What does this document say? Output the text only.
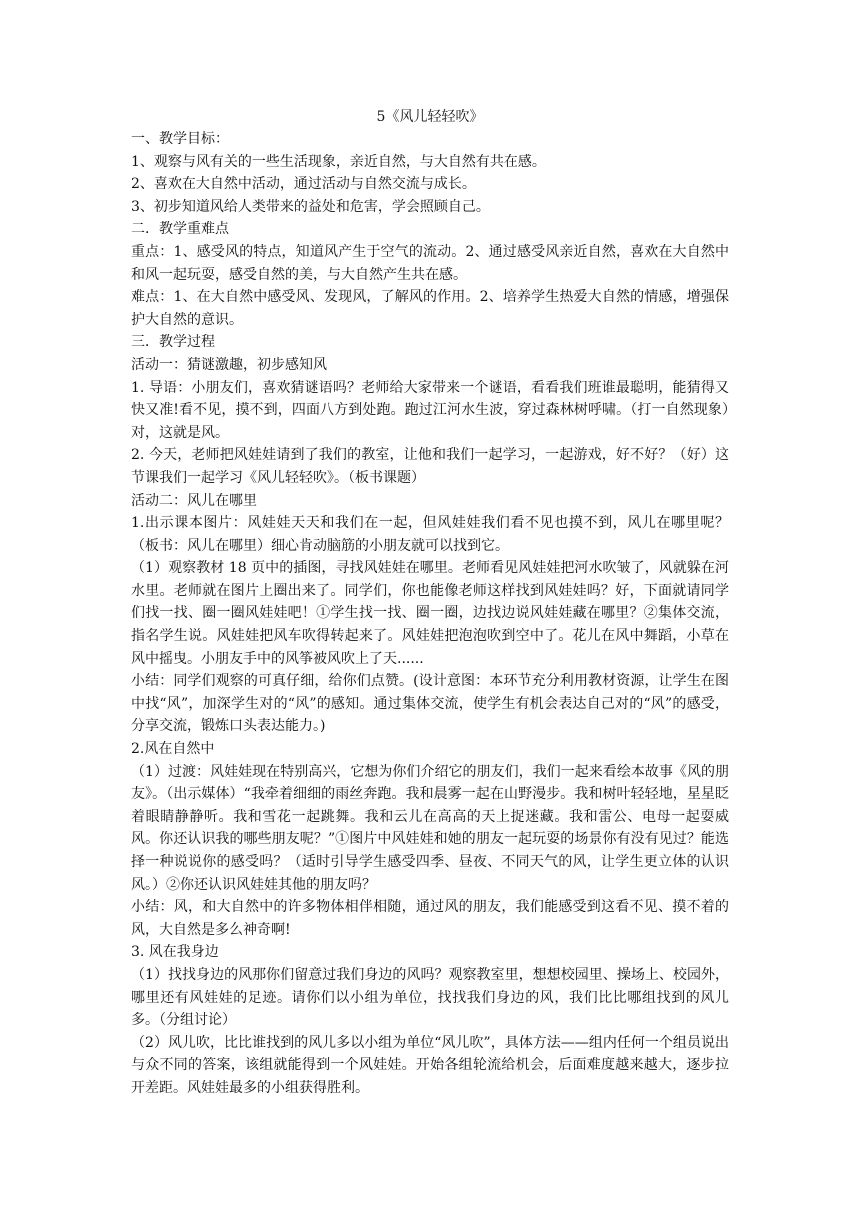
5《风儿轻轻吹》

一、教学目标：

1、观察与风有关的一些生活现象，亲近自然，与大自然有共在感。

2、喜欢在大自然中活动，通过活动与自然交流与成长。

3、初步知道风给人类带来的益处和危害，学会照顾自己。

二．教学重难点

重点：1、感受风的特点，知道风产生于空气的流动。2、通过感受风亲近自然，喜欢在大自然中和风一起玩耍，感受自然的美，与大自然产生共在感。

难点：1、在大自然中感受风、发现风，了解风的作用。2、培养学生热爱大自然的情感，增强保护大自然的意识。

三．教学过程

活动一：猜谜激趣，初步感知风

1. 导语：小朋友们，喜欢猜谜语吗？老师给大家带来一个谜语，看看我们班谁最聪明，能猜得又快又准!看不见，摸不到，四面八方到处跑。跑过江河水生波，穿过森林树呼啸。（打一自然现象）对，这就是风。

2. 今天，老师把风娃娃请到了我们的教室，让他和我们一起学习，一起游戏，好不好？（好）这节课我们一起学习《风儿轻轻吹》。（板书课题）

活动二：风儿在哪里

1.出示课本图片：风娃娃天天和我们在一起，但风娃娃我们看不见也摸不到，风儿在哪里呢？（板书：风儿在哪里）细心肯动脑筋的小朋友就可以找到它。

（1）观察教材 18 页中的插图，寻找风娃娃在哪里。老师看见风娃娃把河水吹皱了，风就躲在河水里。老师就在图片上圈出来了。同学们，你也能像老师这样找到风娃娃吗？好，下面就请同学们找一找、圈一圈风娃娃吧！①学生找一找、圈一圈，边找边说风娃娃藏在哪里？②集体交流，指名学生说。风娃娃把风车吹得转起来了。风娃娃把泡泡吹到空中了。花儿在风中舞蹈，小草在风中摇曳。小朋友手中的风筝被风吹上了天......

小结：同学们观察的可真仔细，给你们点赞。(设计意图：本环节充分利用教材资源，让学生在图中找“风”，加深学生对的“风”的感知。通过集体交流，使学生有机会表达自己对的“风”的感受，分享交流，锻炼口头表达能力。)

2.风在自然中

（1）过渡：风娃娃现在特别高兴，它想为你们介绍它的朋友们，我们一起来看绘本故事《风的朋友》。（出示媒体）“我牵着细细的雨丝奔跑。我和晨雾一起在山野漫步。我和树叶轻轻地，星星眨着眼睛静静听。我和雪花一起跳舞。我和云儿在高高的天上捉迷藏。我和雷公、电母一起耍威风。你还认识我的哪些朋友呢？”①图片中风娃娃和她的朋友一起玩耍的场景你有没有见过？能选择一种说说你的感受吗？（适时引导学生感受四季、昼夜、不同天气的风，让学生更立体的认识风。）②你还认识风娃娃其他的朋友吗？

小结：风，和大自然中的许多物体相伴相随，通过风的朋友，我们能感受到这看不见、摸不着的风，大自然是多么神奇啊!

3. 风在我身边

（1）找找身边的风那你们留意过我们身边的风吗？观察教室里，想想校园里、操场上、校园外，哪里还有风娃娃的足迹。请你们以小组为单位，找找我们身边的风，我们比比哪组找到的风儿多。（分组讨论）

（2）风儿吹，比比谁找到的风儿多以小组为单位“风儿吹”，具体方法——组内任何一个组员说出与众不同的答案，该组就能得到一个风娃娃。开始各组轮流给机会，后面难度越来越大，逐步拉开差距。风娃娃最多的小组获得胜利。
